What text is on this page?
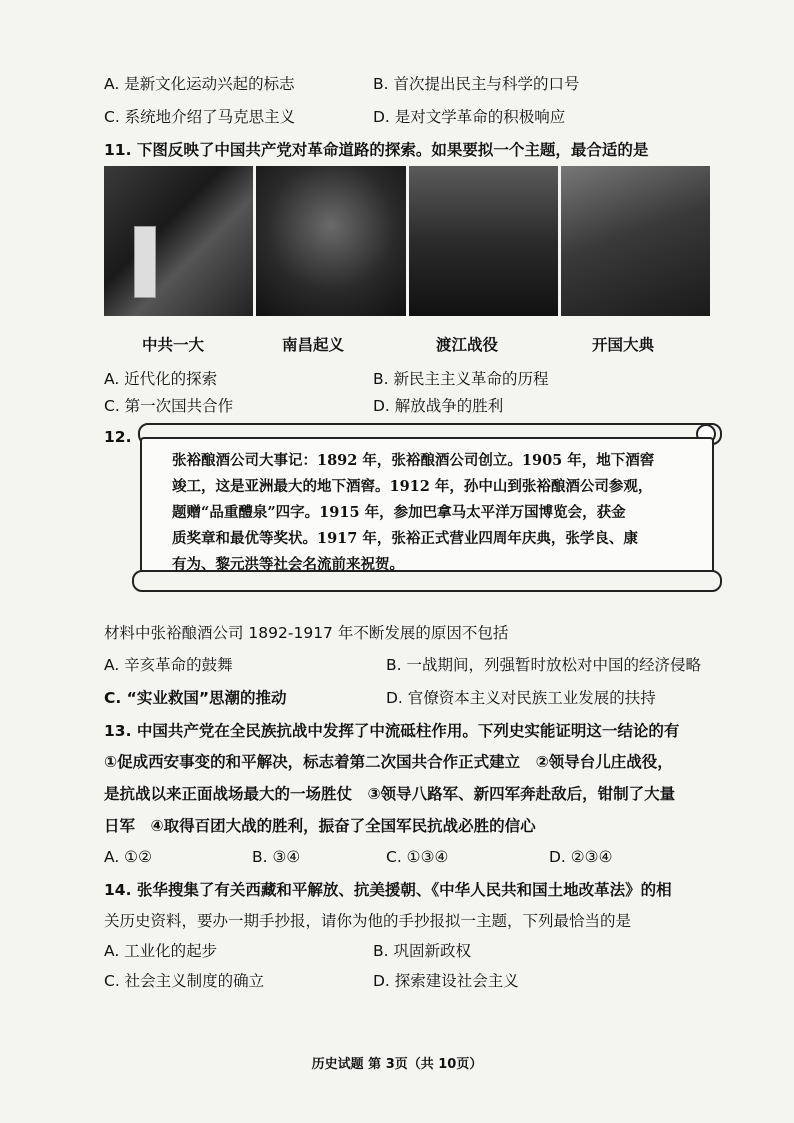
A. 是新文化运动兴起的标志	B. 首次提出民主与科学的口号
C. 系统地介绍了马克思主义	D. 是对文学革命的积极响应
11. 下图反映了中国共产党对革命道路的探索。如果要拟一个主题，最合适的是
中共一大	南昌起义	渡江战役	开国大典
A. 近代化的探索	B. 新民主主义革命的历程
C. 第一次国共合作	D. 解放战争的胜利
12.
张裕酿酒公司大事记：1892 年，张裕酿酒公司创立。1905 年，地下酒窖
竣工，这是亚洲最大的地下酒窖。1912 年，孙中山到张裕酿酒公司参观，
题赠“品重醴泉”四字。1915 年，参加巴拿马太平洋万国博览会，获金
质奖章和最优等奖状。1917 年，张裕正式营业四周年庆典，张学良、康
有为、黎元洪等社会名流前来祝贺。
材料中张裕酿酒公司 1892-1917 年不断发展的原因不包括
A. 辛亥革命的鼓舞	B. 一战期间，列强暂时放松对中国的经济侵略
C. “实业救国”思潮的推动	D. 官僚资本主义对民族工业发展的扶持
13. 中国共产党在全民族抗战中发挥了中流砥柱作用。下列史实能证明这一结论的有
①促成西安事变的和平解决，标志着第二次国共合作正式建立　②领导台儿庄战役，
是抗战以来正面战场最大的一场胜仗　③领导八路军、新四军奔赴敌后，钳制了大量
日军　④取得百团大战的胜利，振奋了全国军民抗战必胜的信心
A. ①②	B. ③④	C. ①③④	D. ②③④
14. 张华搜集了有关西藏和平解放、抗美援朝、《中华人民共和国土地改革法》的相
关历史资料，要办一期手抄报，请你为他的手抄报拟一主题，下列最恰当的是
A. 工业化的起步	B. 巩固新政权
C. 社会主义制度的确立	D. 探索建设社会主义
历史试题 第 3页（共 10页）
